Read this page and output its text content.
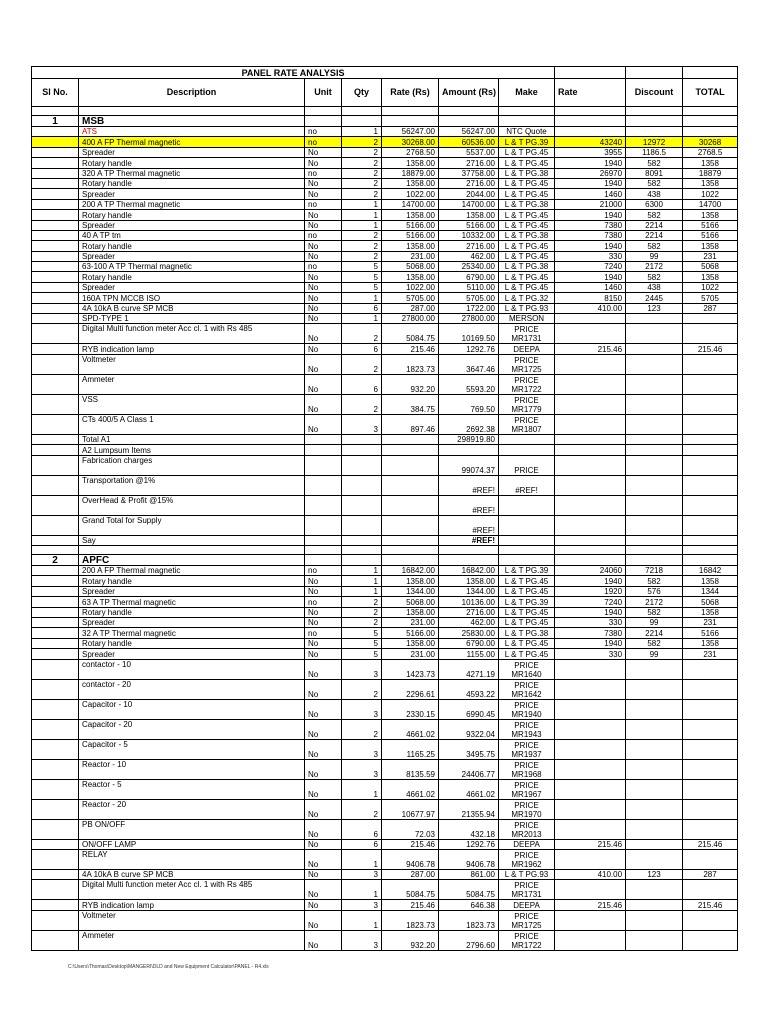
PANEL RATE ANALYSIS									
Sl No.	Description	Unit	Qty	Rate (Rs)	Amount (Rs)	Make	Rate	Discount	TOTAL

1	MSB								
	ATS	no	1	56247.00	56247.00	NTC Quote			
	400 A FP Thermal magnetic	no	2	30268.00	60536.00	L & T PG.39	43240	12972	30268
	Spreader	No	2	2768.50	5537.00	L & T PG.45	3955	1186.5	2768.5
	Rotary handle	No	2	1358.00	2716.00	L & T PG.45	1940	582	1358
	320 A TP Thermal magnetic	no	2	18879.00	37758.00	L & T PG.38	26970	8091	18879
	Rotary handle	No	2	1358.00	2716.00	L & T PG.45	1940	582	1358
	Spreader	No	2	1022.00	2044.00	L & T PG.45	1460	438	1022
	200 A TP Thermal magnetic	no	1	14700.00	14700.00	L & T PG.38	21000	6300	14700
	Rotary handle	No	1	1358.00	1358.00	L & T PG.45	1940	582	1358
	Spreader	No	1	5166.00	5166.00	L & T PG.45	7380	2214	5166
	40 A TP tm	no	2	5166.00	10332.00	L & T PG.38	7380	2214	5166
	Rotary handle	No	2	1358.00	2716.00	L & T PG.45	1940	582	1358
	Spreader	No	2	231.00	462.00	L & T PG.45	330	99	231
	63-100 A TP Thermal magnetic	no	5	5068.00	25340.00	L & T PG.38	7240	2172	5068
	Rotary handle	No	5	1358.00	6790.00	L & T PG.45	1940	582	1358
	Spreader	No	5	1022.00	5110.00	L & T PG.45	1460	438	1022
	160A TPN MCCB ISO	No	1	5705.00	5705.00	L & T PG.32	8150	2445	5705
	4A 10kA B curve SP MCB	No	6	287.00	1722.00	L & T PG.93	410.00	123	287
	SPD-TYPE 1	No	1	27800.00	27800.00	MERSON			
	Digital Multi function meter Acc cl. 1 with Rs 485	No	2	5084.75	10169.50	PRICE
MR1731			

	RYB indication lamp	No	6	215.46	1292.76	DEEPA	215.46		215.46
	Voltmeter	No	2	1823.73	3647.46	PRICE
MR1725			

	Ammeter	No	6	932.20	5593.20	PRICE
MR1722			

	VSS	No	2	384.75	769.50	PRICE
MR1779			

	CTs 400/5 A Class 1	No	3	897.46	2692.38	PRICE
MR1807			

	Total A1				298919.80				
	A2 Lumpsum Items								
	Fabrication charges				99074.37	PRICE			
	Transportation @1%				#REF!	#REF!			
	OverHead & Profit @15%				#REF!				
	Grand Total for Supply				#REF!				
	Say				#REF!				

2	APFC								
	200 A FP Thermal magnetic	no	1	16842.00	16842.00	L & T PG.39	24060	7218	16842
	Rotary handle	No	1	1358.00	1358.00	L & T PG.45	1940	582	1358
	Spreader	No	1	1344.00	1344.00	L & T PG.45	1920	576	1344
	63 A TP Thermal magnetic	no	2	5068.00	10136.00	L & T PG.39	7240	2172	5068
	Rotary handle	No	2	1358.00	2716.00	L & T PG.45	1940	582	1358
	Spreader	No	2	231.00	462.00	L & T PG.45	330	99	231
	32 A TP Thermal magnetic	no	5	5166.00	25830.00	L & T PG.38	7380	2214	5166
	Rotary handle	No	5	1358.00	6790.00	L & T PG.45	1940	582	1358
	Spreader	No	5	231.00	1155.00	L & T PG.45	330	99	231
	contactor - 10	No	3	1423.73	4271.19	PRICE
MR1640			

	contactor - 20	No	2	2296.61	4593.22	PRICE
MR1642			

	Capacitor - 10	No	3	2330.15	6990.45	PRICE
MR1940			

	Capacitor - 20	No	2	4661.02	9322.04	PRICE
MR1943			

	Capacitor - 5	No	3	1165.25	3495.75	PRICE
MR1937			

	Reactor - 10	No	3	8135.59	24406.77	PRICE
MR1968			

	Reactor - 5	No	1	4661.02	4661.02	PRICE
MR1967			

	Reactor - 20	No	2	10677.97	21355.94	PRICE
MR1970			

	PB ON/OFF	No	6	72.03	432.18	PRICE
MR2013			

	ON/OFF LAMP	No	6	215.46	1292.76	DEEPA	215.46		215.46
	RELAY	No	1	9406.78	9406.78	PRICE
MR1962			

	4A 10kA B curve SP MCB	No	3	287.00	861.00	L & T PG.93	410.00	123	287
	Digital Multi function meter Acc cl. 1 with Rs 485	No	1	5084.75	5084.75	PRICE
MR1731			

	RYB indication lamp	No	3	215.46	646.38	DEEPA	215.46		215.46
	Voltmeter	No	1	1823.73	1823.73	PRICE
MR1725			

	Ammeter	No	3	932.20	2796.60	PRICE
MR1722			

C:\Users\Thomas\Desktop\MANGERI\DLD and New Equipment Calculator\PANEL - R4.xls
